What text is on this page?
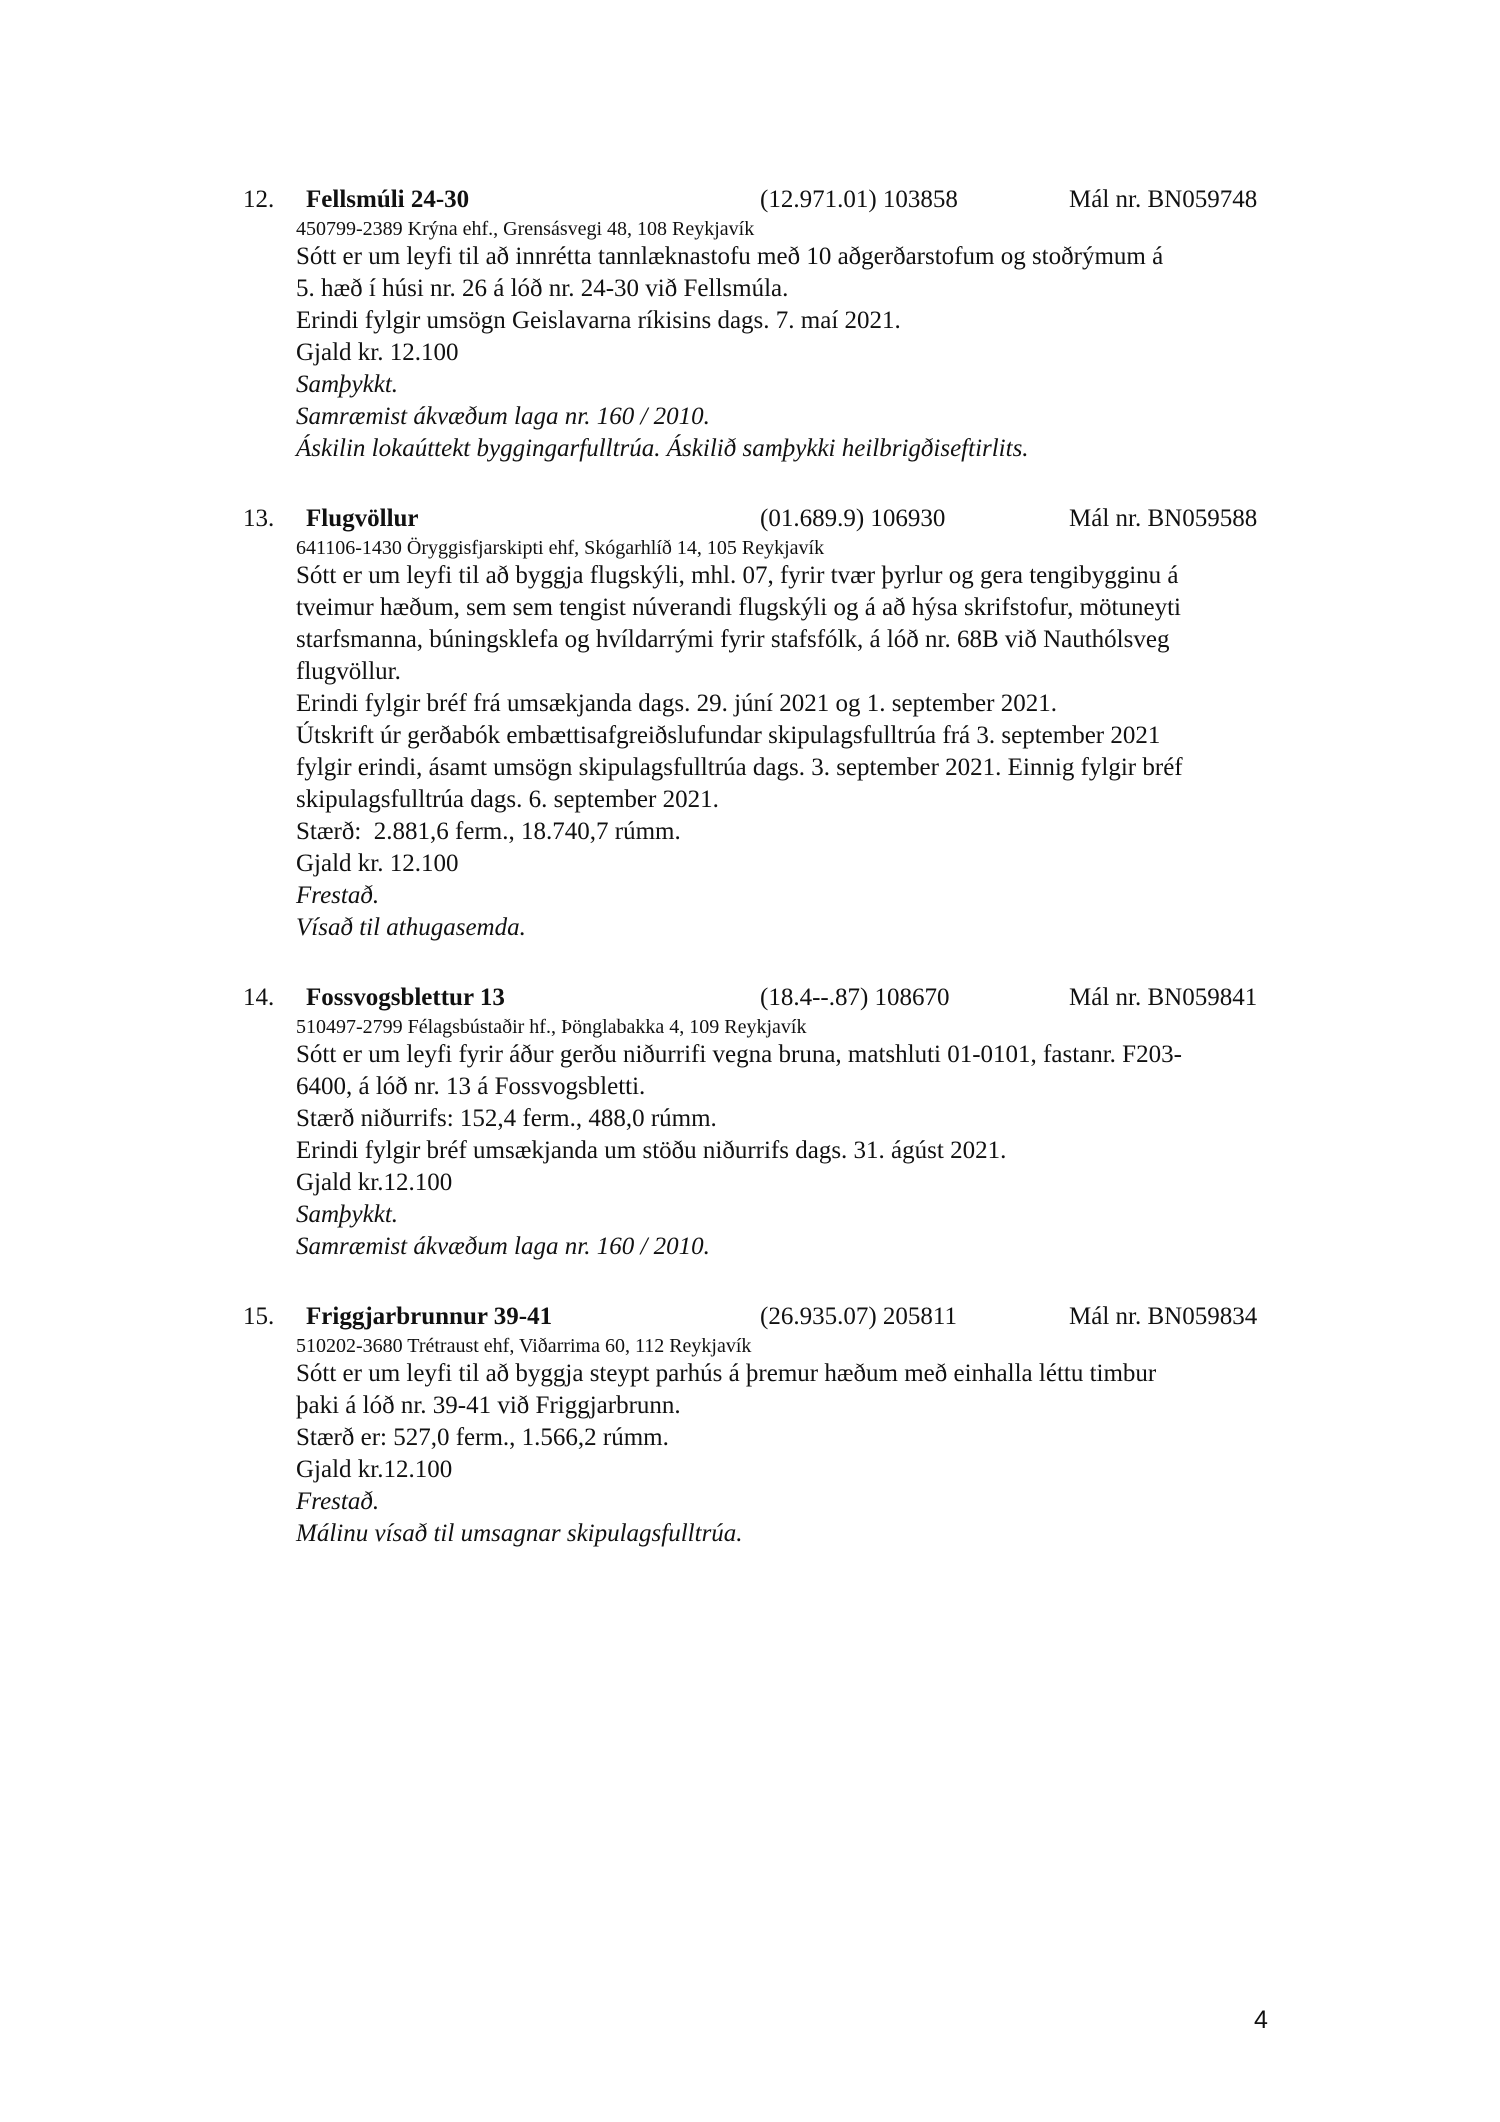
12. Fellsmúli 24-30	(12.971.01) 103858	Mál nr. BN059748
450799-2389 Krýna ehf., Grensásvegi 48, 108 Reykjavík
Sótt er um leyfi til að innrétta tannlæknastofu með 10 aðgerðarstofum og stoðrýmum á
5. hæð í húsi nr. 26 á lóð nr. 24-30 við Fellsmúla.
Erindi fylgir umsögn Geislavarna ríkisins dags. 7. maí 2021.
Gjald kr. 12.100
Samþykkt.
Samræmist ákvæðum laga nr. 160 / 2010.
Áskilin lokaúttekt byggingarfulltrúa. Áskilið samþykki heilbrigðiseftirlits.
13. Flugvöllur	(01.689.9) 106930	Mál nr. BN059588
641106-1430 Öryggisfjarskipti ehf, Skógarhlíð 14, 105 Reykjavík
Sótt er um leyfi til að byggja flugskýli, mhl. 07, fyrir tvær þyrlur og gera tengibygginu á
tveimur hæðum, sem sem tengist núverandi flugskýli og á að hýsa skrifstofur, mötuneyti
starfsmanna, búningsklefa og hvíldarrými fyrir stafsfólk, á lóð nr. 68B við Nauthólsveg
flugvöllur.
Erindi fylgir bréf frá umsækjanda dags. 29. júní 2021 og 1. september 2021.
Útskrift úr gerðabók embættisafgreiðslufundar skipulagsfulltrúa frá 3. september 2021
fylgir erindi, ásamt umsögn skipulagsfulltrúa dags. 3. september 2021. Einnig fylgir bréf
skipulagsfulltrúa dags. 6. september 2021.
Stærð:  2.881,6 ferm., 18.740,7 rúmm.
Gjald kr. 12.100
Frestað.
Vísað til athugasemda.
14. Fossvogsblettur 13	(18.4--.87) 108670	Mál nr. BN059841
510497-2799 Félagsbústaðir hf., Þönglabakka 4, 109 Reykjavík
Sótt er um leyfi fyrir áður gerðu niðurrifi vegna bruna, matshluti 01-0101, fastanr. F203-
6400, á lóð nr. 13 á Fossvogsbletti.
Stærð niðurrifs: 152,4 ferm., 488,0 rúmm.
Erindi fylgir bréf umsækjanda um stöðu niðurrifs dags. 31. ágúst 2021.
Gjald kr.12.100
Samþykkt.
Samræmist ákvæðum laga nr. 160 / 2010.
15. Friggjarbrunnur 39-41	(26.935.07) 205811	Mál nr. BN059834
510202-3680 Trétraust ehf, Viðarrima 60, 112 Reykjavík
Sótt er um leyfi til að byggja steypt parhús á þremur hæðum með einhalla léttu timbur
þaki á lóð nr. 39-41 við Friggjarbrunn.
Stærð er: 527,0 ferm., 1.566,2 rúmm.
Gjald kr.12.100
Frestað.
Málinu vísað til umsagnar skipulagsfulltrúa.
4
